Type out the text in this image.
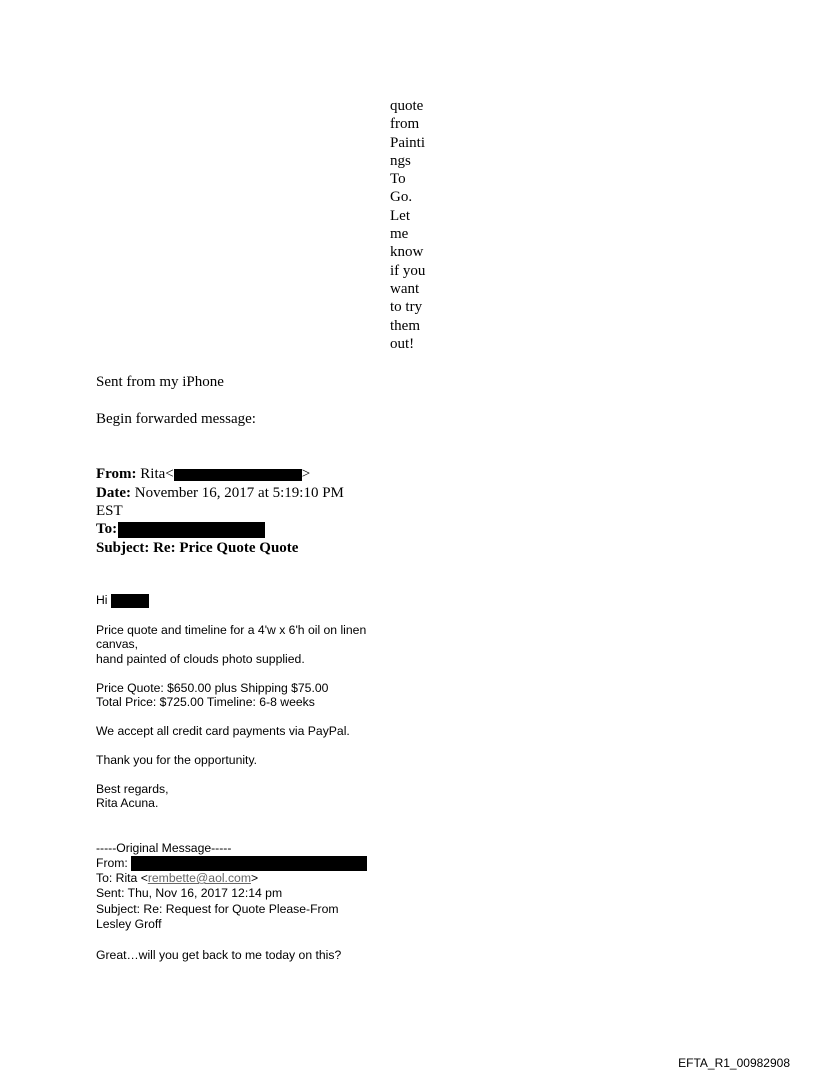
quote
from
Painti
ngs
To
Go.
Let
me
know
if you
want
to try
them
out!
Sent from my iPhone
Begin forwarded message:
From: Rita<	>
Date: November 16, 2017 at 5:19:10 PM
EST
To:
Subject: Re: Price Quote Quote
Hi
Price quote and timeline for a 4'w x 6'h oil on linen
canvas,
hand painted of clouds photo supplied.
Price Quote: $650.00 plus Shipping $75.00
Total Price: $725.00 Timeline: 6-8 weeks
We accept all credit card payments via PayPal.
Thank you for the opportunity.
Best regards,
Rita Acuna.
-----Original Message-----
From:
To: Rita <rembette@aol.com>
Sent: Thu, Nov 16, 2017 12:14 pm
Subject: Re: Request for Quote Please-From
Lesley Groff
Great…will you get back to me today on this?
EFTA_R1_00982908
